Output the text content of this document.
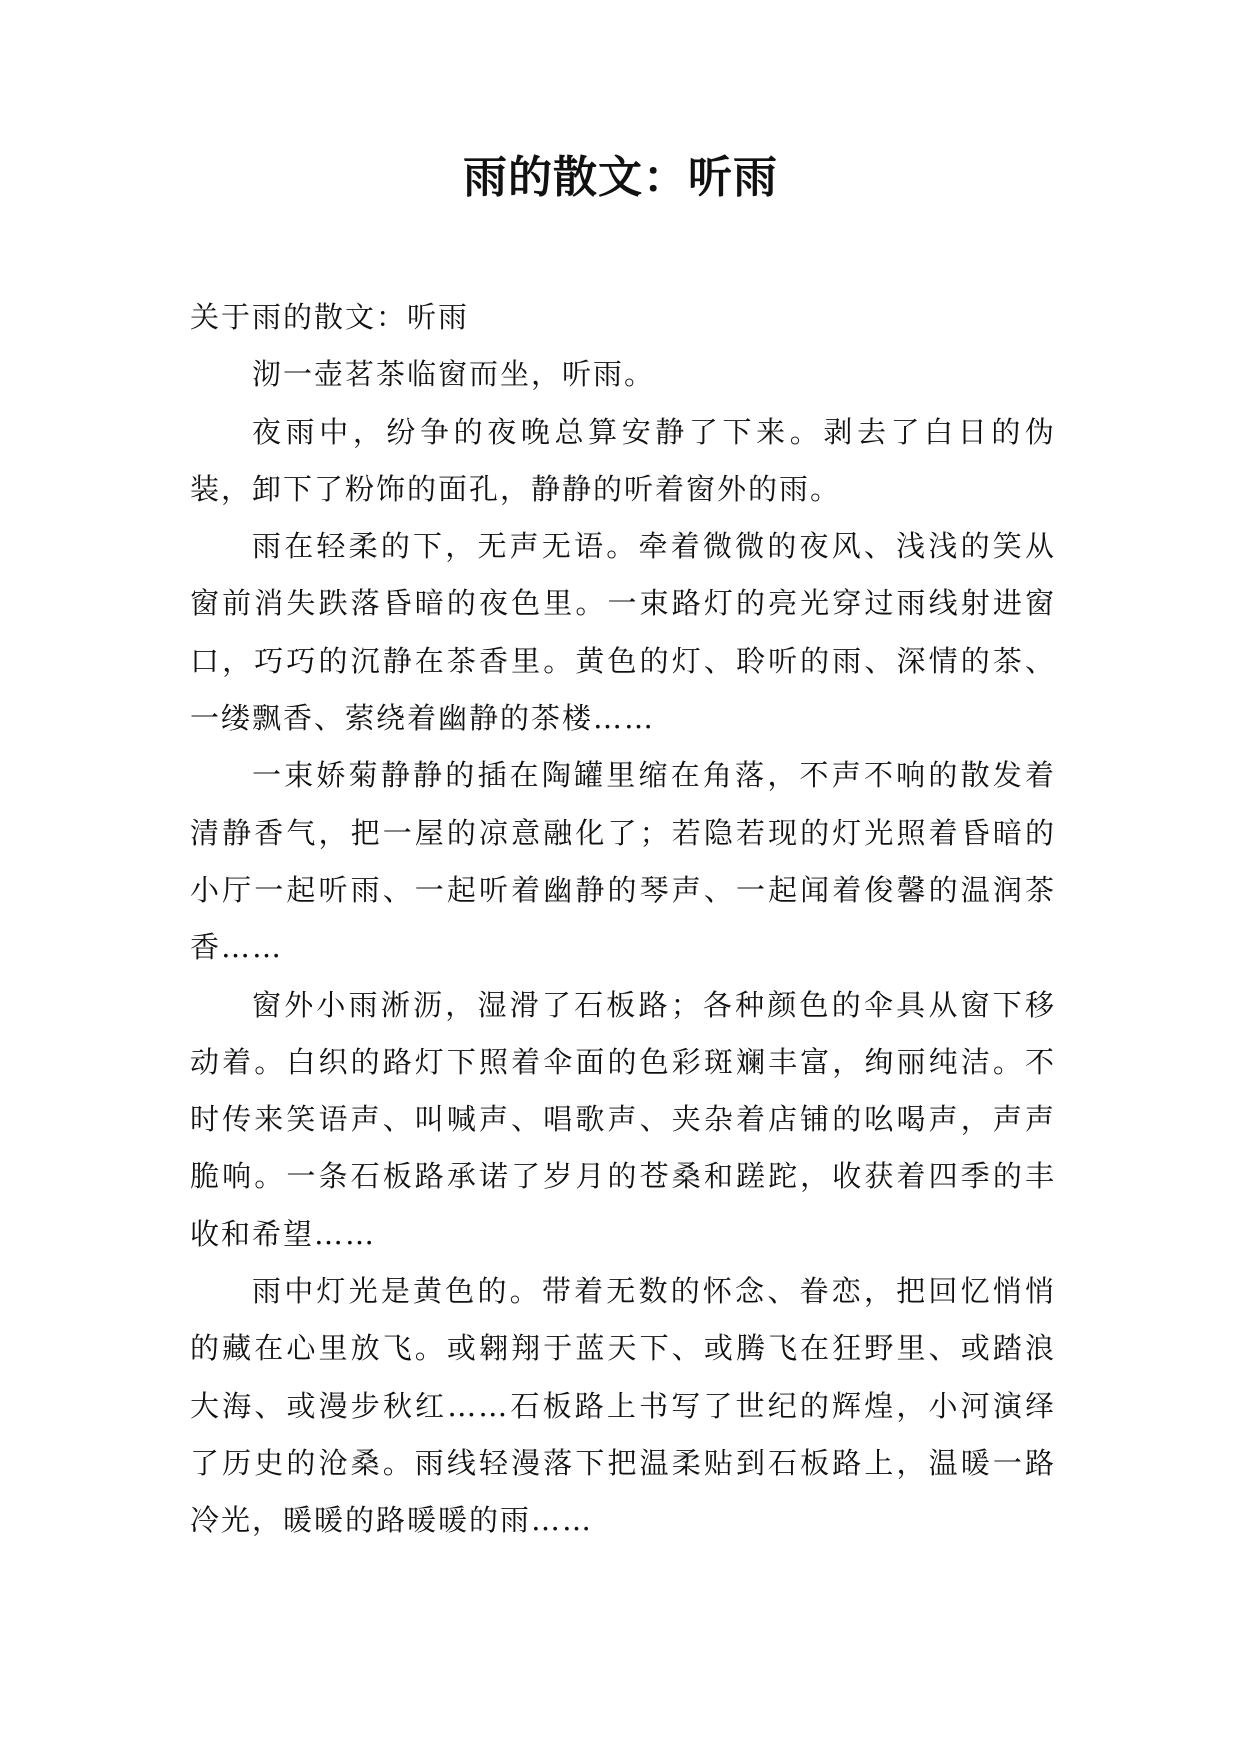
雨的散文：听雨

关于雨的散文：听雨

沏一壶茗茶临窗而坐，听雨。

夜雨中，纷争的夜晚总算安静了下来。剥去了白日的伪装，卸下了粉饰的面孔，静静的听着窗外的雨。

雨在轻柔的下，无声无语。牵着微微的夜风、浅浅的笑从窗前消失跌落昏暗的夜色里。一束路灯的亮光穿过雨线射进窗口，巧巧的沉静在茶香里。黄色的灯、聆听的雨、深情的茶、一缕飘香、萦绕着幽静的茶楼……

一束娇菊静静的插在陶罐里缩在角落，不声不响的散发着清静香气，把一屋的凉意融化了；若隐若现的灯光照着昏暗的小厅一起听雨、一起听着幽静的琴声、一起闻着俊馨的温润茶香……

窗外小雨淅沥，湿滑了石板路；各种颜色的伞具从窗下移动着。白织的路灯下照着伞面的色彩斑斓丰富，绚丽纯洁。不时传来笑语声、叫喊声、唱歌声、夹杂着店铺的吆喝声，声声脆响。一条石板路承诺了岁月的苍桑和蹉跎，收获着四季的丰收和希望……

雨中灯光是黄色的。带着无数的怀念、眷恋，把回忆悄悄的藏在心里放飞。或翱翔于蓝天下、或腾飞在狂野里、或踏浪大海、或漫步秋红……石板路上书写了世纪的辉煌，小河演绎了历史的沧桑。雨线轻漫落下把温柔贴到石板路上，温暖一路冷光，暖暖的路暖暖的雨……
